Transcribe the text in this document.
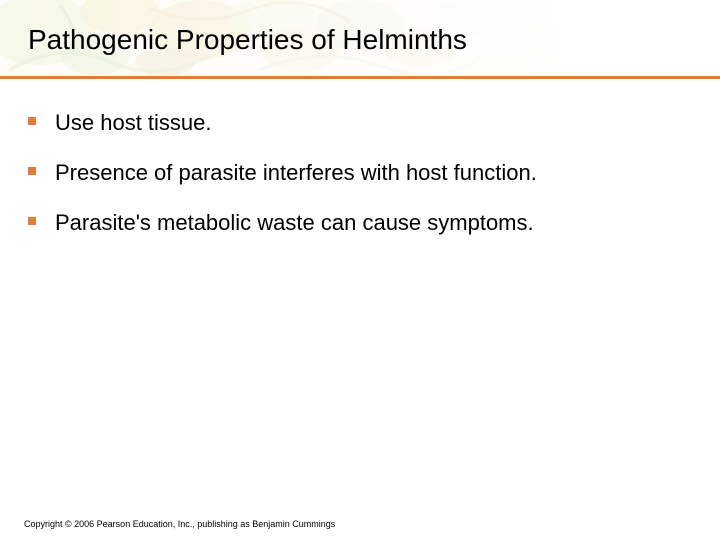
Pathogenic Properties of Helminths
Use host tissue.
Presence of parasite interferes with host function.
Parasite's metabolic waste can cause symptoms.
Copyright © 2006 Pearson Education, Inc., publishing as Benjamin Cummings
